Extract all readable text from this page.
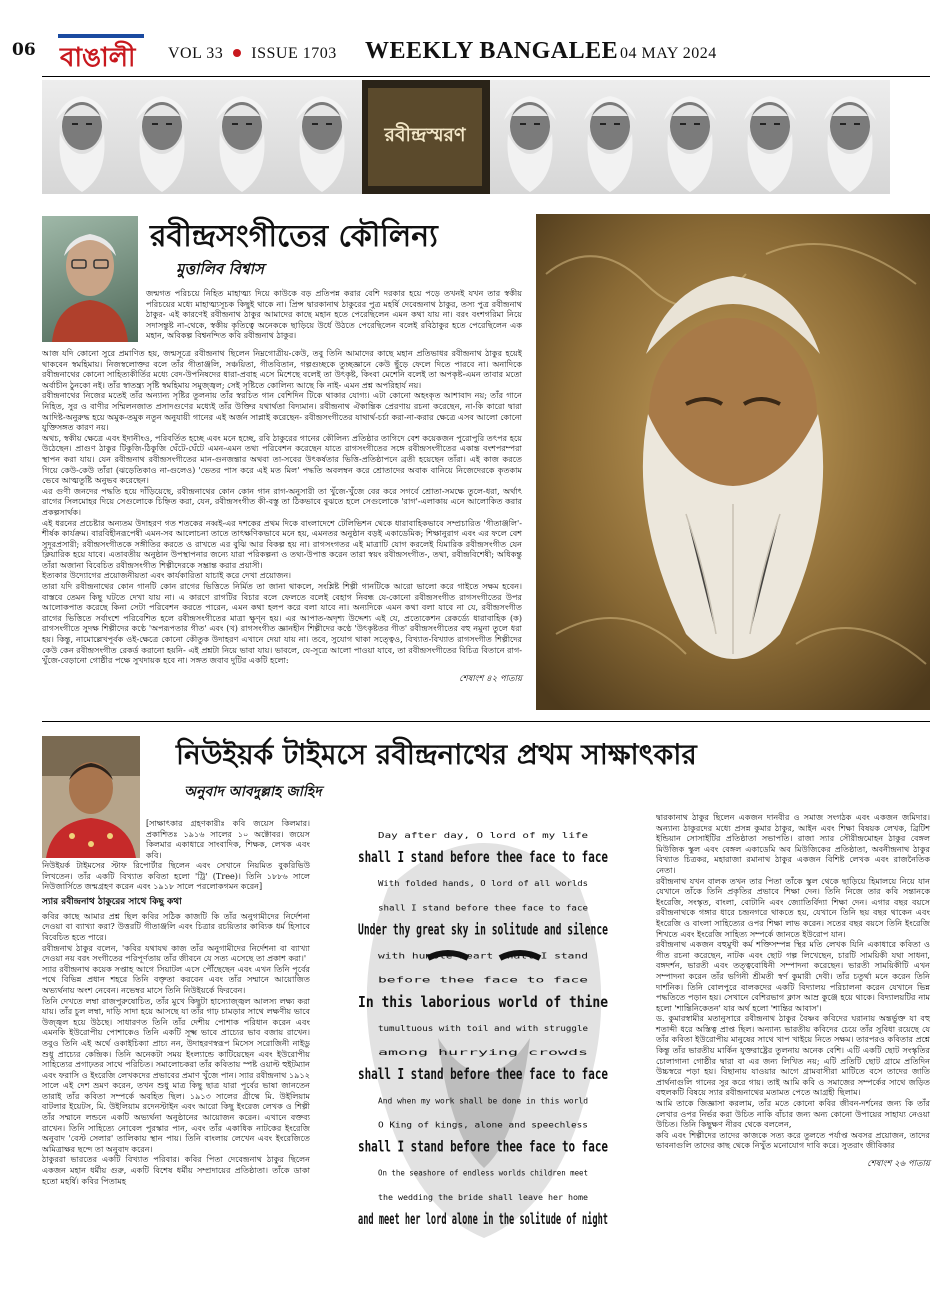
06 বাঙালী VOL 33 ISSUE 1703 WEEKLY BANGALEE 04 MAY 2024
রবীন্দ্রস্মরণ
রবীন্দ্রসংগীতের কৌলিন্য
মুত্তালিব বিশ্বাস

জন্মগত পরিচয়ে নিহিত মাহাত্ম্য দিয়ে কাউকে বড় প্রতিপন্ন করার বেশি দরকার হয়ে পড়ে তখনই যখন তার স্বকীয় পরিচয়ের মধ্যে মাহাত্ম্যসূচক কিছুই থাকে না। প্রিন্স দ্বারকানাথ ঠাকুরের পুত্র মহর্ষি দেবেন্দ্রনাথ ঠাকুর, তস্য পুত্র রবীন্দ্রনাথ ঠাকুর- এই কারণেই রবীন্দ্রনাথ ঠাকুর আমাদের কাছে মহান হতে পেরেছিলেন এমন কথা যায় না। বরং বংশগরিমা নিয়ে সদাসন্তুষ্ট না-থেকে, স্বকীয় কৃতিত্বে অনেককে ছাড়িয়ে উর্ধে উঠতে পেরেছিলেন বলেই রবিঠাকুর হতে পেরেছিলেন এক মহান, অবিকল্প বিশ্বনন্দিত কবি রবীন্দ্রনাথ ঠাকুর।

আজ যদি কোনো সুরে প্রমাণিত হয়, জন্মসূত্রে রবীন্দ্রনাথ ছিলেন নিম্নগোত্রীয়-কেউ, তবু তিনি আমাদের কাছে মহান প্রতিভাধর রবীন্দ্রনাথ ঠাকুর হয়েই থাকবেন স্বমহিমায়। নিজস্বলোক্তর বলে তাঁর গীতাঞ্জলি, সঞ্চয়িতা, গীতবিতান, গল্পগুচ্ছকে তুচ্ছজ্ঞানে কেউ ছুঁড়ে ফেলে দিতে পারবে না। অনাদিকে রবীন্দ্রনাথের কোনো সাহিত্যকীর্তির মধ্যে বেদ-উপনিষদের ধারা-প্রবাহ এসে মিশেছে বলেই তা উৎকৃষ্ট, কিংবা মেশেনি বলেই তা অপকৃষ্ট-এমন তাবার মতো অর্বাচীন ঠুনকো নই। তাঁর স্বাতন্ত্র্য সৃষ্টি স্বমহিমায় সমুজ্জ্বল; সেই সৃষ্টিতে কোলিন্য আছে কি নাই- এমন প্রশ্ন অপরিহার্য নয়।

রবীন্দ্রনাথের নিজের মতেই তাঁর অন্যান্য সৃষ্টির তুলনায় তাঁর স্বরচিত গান বেশিদিন টিকে থাকার যোগ্য। এটা কোনো অহংকৃত আশাবাদ নয়; তাঁর গানে নিহিত, সুর ও বাণীর সম্মিলনজাত প্রসাদগুণের মধ্যেই তাঁর উক্তির যথার্থতা বিদ্যমান। রবীন্দ্রনাথ ঐকান্তিক প্রেরণায় রচনা করেছেন, না-কি কারো দ্বারা আদিষ্ট-অনুরুদ্ধ হয়ে অমুক-তমুক নতুন অনুযায়ী গানের এই অর্জন সাপ্লাই করেছেন- রবীন্দ্রসংগীতের যাথার্থ-চর্চা করা-না-করার ক্ষেত্রে এসব আলো কোনো যুক্তিসঙ্গত কারণ নয়।

অথচ, স্বকীয় ক্ষেত্রে এবং ইদানীংও, পরিবর্তিত হচ্ছে এবং মনে হচ্ছে, রবি ঠাকুরের গানের কৌলিন্য প্রতিষ্ঠার তাগিদে বেশ কয়েকজন পুরোপুরি তৎপর হয়ে উঠেছেন। প্রাগুণ ঠাকুর টিকুজি-ঠিকুজি ঘেঁটে-ঘেঁটে এমন-এমন তথ্য পরিবেশন করেছেন যাতে রাগসংগীতের সঙ্গে রবীন্দ্রসংগীতের একান্ত বংশপরম্পরা স্থাপন করা যায়। যেন রবীন্দ্রনাথ রবীন্দ্রসংগীতের মান-গুনজন্তার অথবা তা-সবের উৎকর্ষতার ভিত্তি-প্রতিষ্ঠাপনে ব্রতী হয়েছেন তাঁরা। এই কাজ করতে গিয়ে কেউ-কেউ তাঁরা (ঝড়েতিকাও না-গুলেও) 'ভেতর পাস করে এই মত মিল' পদ্ধতি অবলম্বন করে শ্রোতাদের অবাক বানিয়ে নিজেদেরকে কৃতকাম ভেবে আত্মতুষ্টি অনুভব করেছেন।

এর গুণী জনদের পদ্ধতি হয়ে দাঁড়িয়েছে, রবীন্দ্রনাথের কোন কোন গান রাগ-অনুসারী তা খুঁজে-খুঁজে বের করে সগর্বে শ্রোতা-সমক্ষে তুলে-ধরা, অর্থাৎ রাগের সিলমোহর দিয়ে সেগুলোকে চিহ্নিত করা, যেন, রবীন্দ্রসংগীত কী-বস্তু তা ঠিকভাবে বুঝতে হলে সেগুলোকে 'রাগ'-এলাকায় এনে আলোকিত করার প্রকল্পসার্থক।

এই ধরনের প্রচেষ্টার অন্যতম উদাহরণ গত শতকের নব্বই-এর দশকের প্রথম দিকে বাংলাদেশে টেলিভিশন থেকে ধারাবাহিকভাবে সম্প্রচারিত 'গীতাঞ্জলি'-শীর্ষক কার্যক্রম। বারবিহীনরূপেষী এমন-সব আলোচনা তাতে তাৎক্ষণিকভাবে মনে হয়, এমনতর অনুষ্ঠান বড়ই একাডেমিক; শিক্ষানুরাগ এবং এর ফলে বেশ সুদূরপ্রসারী; রবীন্দ্রসংগীতকে সঙ্গীতির করতে ও রাখতে এর বুঝি আর বিকল্প হয় না। রাগসংগতর এই মাত্রাটি যোগ করলেই যিমারিক রবীন্দ্রসংগীত যেন ক্লিয়ারিক হয়ে যাবে। এতাবতীয় অনুষ্ঠান উপস্থাপনার জন্যে যারা পরিকল্পনা ও তথ্য-উপাত্ত করেন তারা স্বয়ং রবীন্দ্রসংগীত-, তথা, রবীন্দ্রবিশেষী; অধিকন্তু তাঁরা অজানা বিবেচিত রবীন্দ্রসংগীত শিল্পীদেরকে সম্ভ্রান্ত করার প্রয়াসী।

ইত্যকার উদ্যোগের প্রয়োজনীয়তা এবং কার্যকারিতা যাচাই করে দেখা প্রয়োজন।

তারা যদি রবীন্দ্রনাথের কোন গানটি কোন রাগের ভিত্তিতে নির্মিত তা জানা থাকলে, সংশ্লিষ্ট শিল্পী গানটিকে আরো ভালো করে গাইতে সক্ষম হবেন। বাস্তবে তেমন কিছু ঘটতে দেখা যায় না। এ কারণে রাগটির বিচার বলে ফেলতে বলেই বেহাগ নিবন্ধ যে-কোনো রবীন্দ্রসংগীত রাগসংগীতের উপর আলোকপাত করেছে কিনা সেটা পরিবেশন করতে পারেন, এমন কথা হলপ করে বলা যাবে না। অন্যদিকে এমন কথা বলা যাবে না যে, রবীন্দ্রসংগীত রাগের ভিত্তিতে সর্বাংশে পরিবেশিত হলে রবীন্দ্রসংগীতের মাত্রা ক্ষুণ্ন হয়। এর আপাত-অদৃশ্য উদ্দেশ্য এই যে, প্রত্যেকেশন রেকর্ড্যে ধারাবাহিক (ক) রাগসংগীতে সুদক্ষ শিল্পীদের কণ্ঠে 'অপরূপতার গীত' এবং (খ) রাগসংগীত জ্ঞানহীন শিল্পীদের কণ্ঠে 'উৎকৃষ্টতর গীত' রবীন্দ্রসংগীতের বহু নমুনা তুলে ধরা হয়। কিন্তু, নামোল্লেখপূর্বক ওই-ক্ষেত্রে কোনো কৌতুক উদাহরণ এখানে দেয়া যায় না। তবে, সুযোগ থাকা সত্ত্বেও, বিখ্যাত-বিখ্যাত রাগসংগীত শিল্পীদের কেউ কেন রবীন্দ্রসংগীত রেকর্ড করানো হয়নি- এই প্রশ্নটা নিয়ে ভাবা যায়। ভাবলে, যে-সূত্রে আলো পাওয়া যাবে, তা রবীন্দ্রসংগীতের বিচিত্র বিতানে রাগ-খুঁজে-বেড়ানো গোষ্ঠীর পক্ষে সুখদায়ক হবে না। সঙ্গত জবাব দুটির একটি হলো:

শেষাংশ ৪২ পাতায়
নিউইয়র্ক টাইমসে রবীন্দ্রনাথের প্রথম সাক্ষাৎকার
অনুবাদ আবদুল্লাহ জাহিদ

[সাক্ষাৎকার গ্রহণকারীঃ কবি জয়েস কিলমার। প্রকাশিতঃ ১৯১৬ সালের ১০ অক্টোবর। জয়েস কিলমার একাধারে সাংবাদিক, শিক্ষক, লেখক এবং কবি।

নিউইয়র্ক টাইমসের স্টাফ রিপোর্টার ছিলেন এবং সেখানে নিয়মিত বুকরিভিউ লিখতেন। তাঁর একটি বিখ্যাত কবিতা হলো 'ট্রি' (Tree)। তিনি ১৮৮৬ সালে নিউজার্সিতে জন্মগ্রহণ করেন এবং ১৯১৮ সালে পরলোকগমন করেন]

স্যার রবীন্দ্রনাথ ঠাকুরের সাথে কিছু কথা

কবির কাছে আমার প্রশ্ন ছিল কবির সঠিক কাজটি কি তাঁর অনুগামীদের নির্দেশনা দেওয়া বা ব্যাখ্যা করা? উত্তরটি গীতাঞ্জলি এবং চিত্রার রচয়িতার কাব্যিক ধর্ম হিসাবে বিবেচিত হতে পারে।

রবীন্দ্রনাথ ঠাকুর বলেন, 'কবির যথাযথ কাজ তাঁর অনুগামীদের নির্দেশনা বা ব্যাখ্যা দেওয়া নয় বরং সংগীতের পরিপূর্ণতায় তাঁর জীবনে যে সত্য এসেছে তা প্রকাশ করা।'

স্যার রবীন্দ্রনাথ কয়েক সপ্তাহ আগে সিয়াটল এসে পৌঁছেছেন এবং এখন তিনি পূর্বের পথে বিভিন্ন প্রধান শহরে তিনি বক্তৃতা করবেন এবং তাঁর সম্মানে আয়োজিত অভ্যর্থনায় অংশ নেবেন। নভেম্বর মাসে তিনি নিউইয়র্কে ফিরবেন।

তিনি দেখতে লম্বা রাজপুরুষোচিত, তাঁর মুখে কিছুটা হাস্যোজ্জ্বল আলস্য লক্ষ্য করা যায়। তাঁর চুল লম্বা, দাড়ি সাদা হয়ে আসছে যা তাঁর গাঢ় চামড়ার সাথে লক্ষণীয় ভাবে উজ্জ্বল হয়ে উঠছে। সাধারণত তিনি তাঁর দেশীয় পোশাক পরিধান করেন এবং এমনকি ইউরোপীয় পোশাকেও তিনি একটি সূক্ষ্ম ভাবে প্রাচ্যের ভাব বজায় রাখেন। তবুও তিনি এই অর্থে ওকাইচিক্যা প্রাচ্য নন, উদাহরণস্বরূপ মিসেস সরোজিনী নাইডু শুধু প্রাচ্যের কেন্দ্রিক। তিনি অনেকটা সময় ইংল্যান্ডে কাটিয়েছেন এবং ইউরোপীয় সাহিত্যের প্রগাঢ়তর সাথে পরিচিত। সমালোচকরা তাঁর কবিতায় স্পষ্ট ওয়াল্ট হুইটম্যান এবং ফরাসি ও ইংরেজি লেখকদের প্রভাবের প্রমাণ খুঁজে পান। স্যার রবীন্দ্রনাথ ১৯১২ সালে এই দেশ ভ্রমণ করেন, তখন শুধু মাত্র কিছু ছাত্র যারা পূর্বের ভাষা জানতেন তারাই তাঁর কবিতা সম্পর্কে অবহিত ছিল। ১৯১৩ সালের গ্রীষ্মে মি. উইলিয়াম বাটলার ইয়েটস, মি. উইলিয়াম রদেনস্টাইন এবং আরো কিছু ইংরেজ লেখক ও শিল্পী তাঁর সম্মানে লন্ডনে একটি অভ্যর্থনা অনুষ্ঠানের আয়োজন করেন। এখানে বক্তব্য রাখেন। তিনি সাহিত্যে নোবেল পুরস্কার পান, এবং তাঁর একাধিক নাটকের ইংরেজি অনুবাদ 'বেস্ট সেলার' তালিকায় স্থান পায়। তিনি বাংলায় লেখেন এবং ইংরেজিতে অমিত্রাক্ষর ছন্দে তা অনুবাদ করেন।

ঠাকুররা ভারতের একটি বিখ্যাত পরিবার। কবির পিতা দেবেন্দ্রনাথ ঠাকুর ছিলেন একজন মহান ধর্মীয় গুরু, একটি বিশেষ ধর্মীয় সম্প্রদায়ের প্রতিষ্ঠাতা। তাঁকে ডাকা হতো মহর্ষি। কবির পিতামহ

Day after day, O lord of my life
shall I stand before thee face to face
With folded hands, O lord of all worlds
shall I stand before thee face to face
Under thy great sky in solitude and silence
with humble heart shall I stand
before thee face to face
In this laborious world of thine
tumultuous with toil and with struggle
among hurrying crowds
shall I stand before thee face to face
And when my work shall be done in this world
O King of kings, alone and speechless
shall I stand before thee face to face
On the seashore of endless worlds children meet
the wedding the bride shall leave her home
and meet her lord alone in the solitude of night

দ্বারকানাথ ঠাকুর ছিলেন একজন দানবীর ও সমাজ সংগঠক এবং একজন জমিদার। অন্যান্য ঠাকুরদের মধ্যে প্রসন্ন কুমার ঠাকুর, আইন এবং শিক্ষা বিষয়ক লেখক, ব্রিটিশ ইন্ডিয়ান সোসাইটির প্রতিষ্ঠাতা সভাপতি। রাজা স্যার সৌরীন্দ্রমোহন ঠাকুর বেঙ্গল মিউজিক স্কুল এবং বেঙ্গল একাডেমি অব মিউজিকের প্রতিষ্ঠাতা, অবনীন্দ্রনাথ ঠাকুর বিখ্যাত চিত্রকর, মহারাজা রমানাথ ঠাকুর একজন বিশিষ্ট লেখক এবং রাজনৈতিক নেতা।

রবীন্দ্রনাথ যখন বালক তখন তার পিতা তাঁকে স্কুল থেকে ছাড়িয়ে হিমালয়ে নিয়ে যান যেখানে তাঁকে তিনি প্রকৃতির প্রভাবে শিক্ষা দেন। তিনি নিজে তার কবি সন্তানকে ইংরেজি, সংস্কৃত, বাংলা, বোটানি এবং জ্যোতির্বিদ্যা শিক্ষা দেন। এগার বছর বয়সে রবীন্দ্রনাথকে গঙ্গার ধারে চন্দ্রনগরে থাকতে হয়, যেখানে তিনি ছয় বছর থাকেন এবং ইংরেজি ও বাংলা সাহিত্যের ওপর শিক্ষা লাভ করেন। সতের বছর বয়সে তিনি ইংরেজি শিখতে এবং ইংরেজি সাহিত্য সম্পর্কে জানতে ইউরোপ যান।

রবীন্দ্রনাথ একজন বহুমুখী কর্ম শক্তিসম্পন্ন স্থির মতি লেখক যিনি একাধারে কবিতা ও গীত রচনা করেছেন, নাটক এবং ছোট গল্প লিখেছেন, চারটি সাময়িকী যথা সাধনা, বঙ্গদর্শন, ভারতী এবং তত্ত্ববোধিনী সম্পাদনা করেছেন। ভারতী সাময়িকীটি এখন সম্পাদনা করেন তাঁর ভগিনী শ্রীমতী স্বর্ণ কুমারী দেবী। তাঁর চতুর্থা মনে করেন তিনি দার্শনিক। তিনি বোলপুরে বালকদের একটি বিদ্যালয় পরিচালনা করেন যেখানে ভিন্ন পদ্ধতিতে পড়ান হয়। সেখানে বেশিরভাগ ক্লাস আম্র কুঞ্জে হয়ে থাকে। বিদ্যালয়টির নাম হলো 'শান্তিনিকেতন' যার অর্থ হলো 'শান্তির আবাস'।

ড. কুমারস্বামীর মতানুসারে রবীন্দ্রনাথ ঠাকুর বৈষ্ণব কবিদের ঘরানায় অন্তর্ভুক্ত যা বহু শতাব্দী ধরে অস্তিত্ব প্রাপ্ত ছিল। অন্যান্য ভারতীয় কবিদের চেয়ে তাঁর সুবিধা রয়েছে যে তাঁর কবিতা ইউরোপীয় মানুষের সাথে খাপ খাইয়ে নিতে সক্ষম। তারপরও কবিতার প্রশ্নে কিন্তু তাঁর ভারতীয় মার্কিন যুক্তরাষ্ট্রের তুলনায় অনেক বেশি। এটি একটি ছোট সংস্কৃতির চোলাগানা গোষ্ঠীর দ্বারা বা এর জন্য লিখিত নয়; এটি প্রতিটি ছোট গ্রামে প্রতিদিন উচ্চস্বরে পড়া হয়। বিছানায় যাওয়ার আগে গ্রামবাসীরা মাটিতে বসে তাদের জাতি প্রার্থনাগুলি গানের সুর করে গায়। তাই আমি কবি ও সমাজের সম্পর্কের সাথে জড়িত বহুলকটি বিষয়ে স্যার রবীন্দ্রনাথের মতামত পেতে আগ্রহী ছিলাম।

আমি তাকে জিজ্ঞাসা করলাম, তাঁর মতে কোনো কবির জীবন-দর্শনের জন্য কি তাঁর লেখার ওপর নির্ভর করা উচিত নাকি বাঁচার জন্য অন্য কোনো উপায়ের সাহায্য নেওয়া উচিত। তিনি কিছুক্ষণ নীরব থেকে বললেন,

কবি এবং শিল্পীদের তাদের কাজকে সত্য করে তুলতে পর্যাপ্ত অবসর প্রয়োজন, তাদের ভাবনাগুলি তাদের কাছ থেকে নিখুঁত মনোযোগ দাবি করে। সুতরাং জীবিকার

শেষাংশ ২৬ পাতায়
